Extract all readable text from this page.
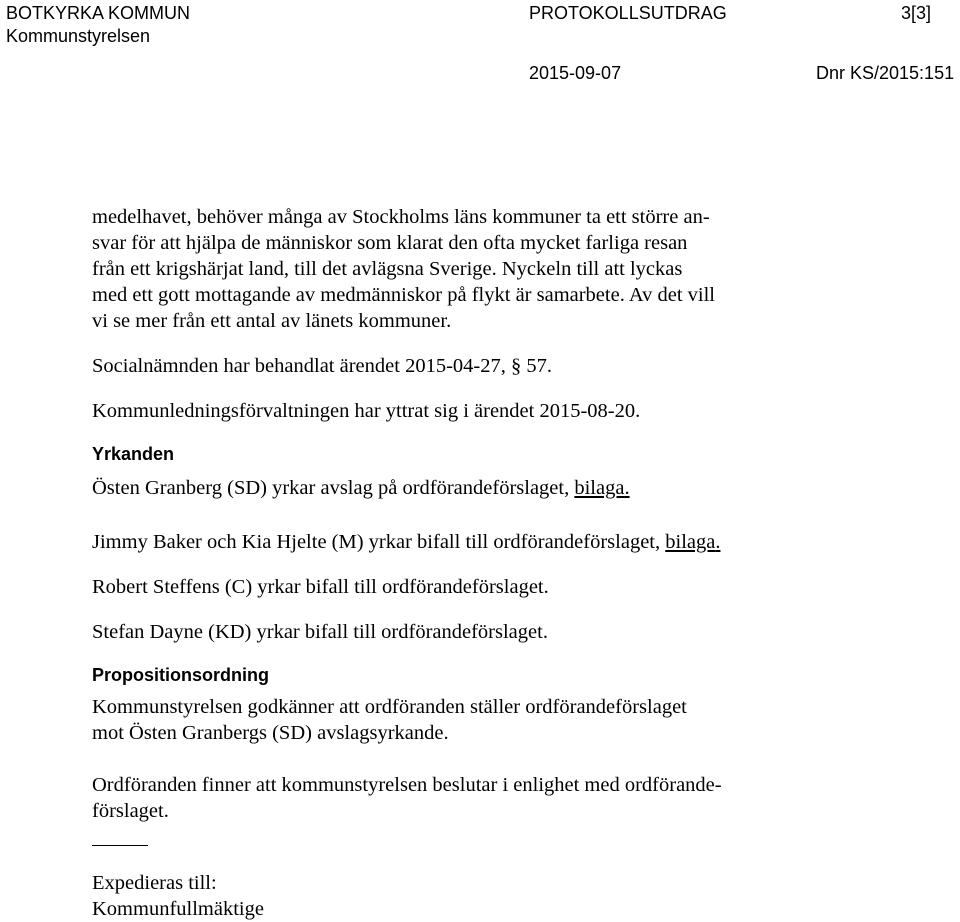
BOTKYRKA KOMMUN	PROTOKOLLSUTDRAG	3[3]
Kommunstyrelsen
2015-09-07	Dnr KS/2015:151
medelhavet, behöver många av Stockholms läns kommuner ta ett större an-
svar för att hjälpa de människor som klarat den ofta mycket farliga resan
från ett krigshärjat land, till det avlägsna Sverige. Nyckeln till att lyckas
med ett gott mottagande av medmänniskor på flykt är samarbete. Av det vill
vi se mer från ett antal av länets kommuner.
Socialnämnden har behandlat ärendet 2015-04-27, § 57.
Kommunledningsförvaltningen har yttrat sig i ärendet 2015-08-20.
Yrkanden
Östen Granberg (SD) yrkar avslag på ordförandeförslaget, bilaga.
Jimmy Baker och Kia Hjelte (M) yrkar bifall till ordförandeförslaget, bilaga.
Robert Steffens (C) yrkar bifall till ordförandeförslaget.
Stefan Dayne (KD) yrkar bifall till ordförandeförslaget.
Propositionsordning
Kommunstyrelsen godkänner att ordföranden ställer ordförandeförslaget
mot Östen Granbergs (SD) avslagsyrkande.
Ordföranden finner att kommunstyrelsen beslutar i enlighet med ordförande-
förslaget.
Expedieras till:
Kommunfullmäktige
